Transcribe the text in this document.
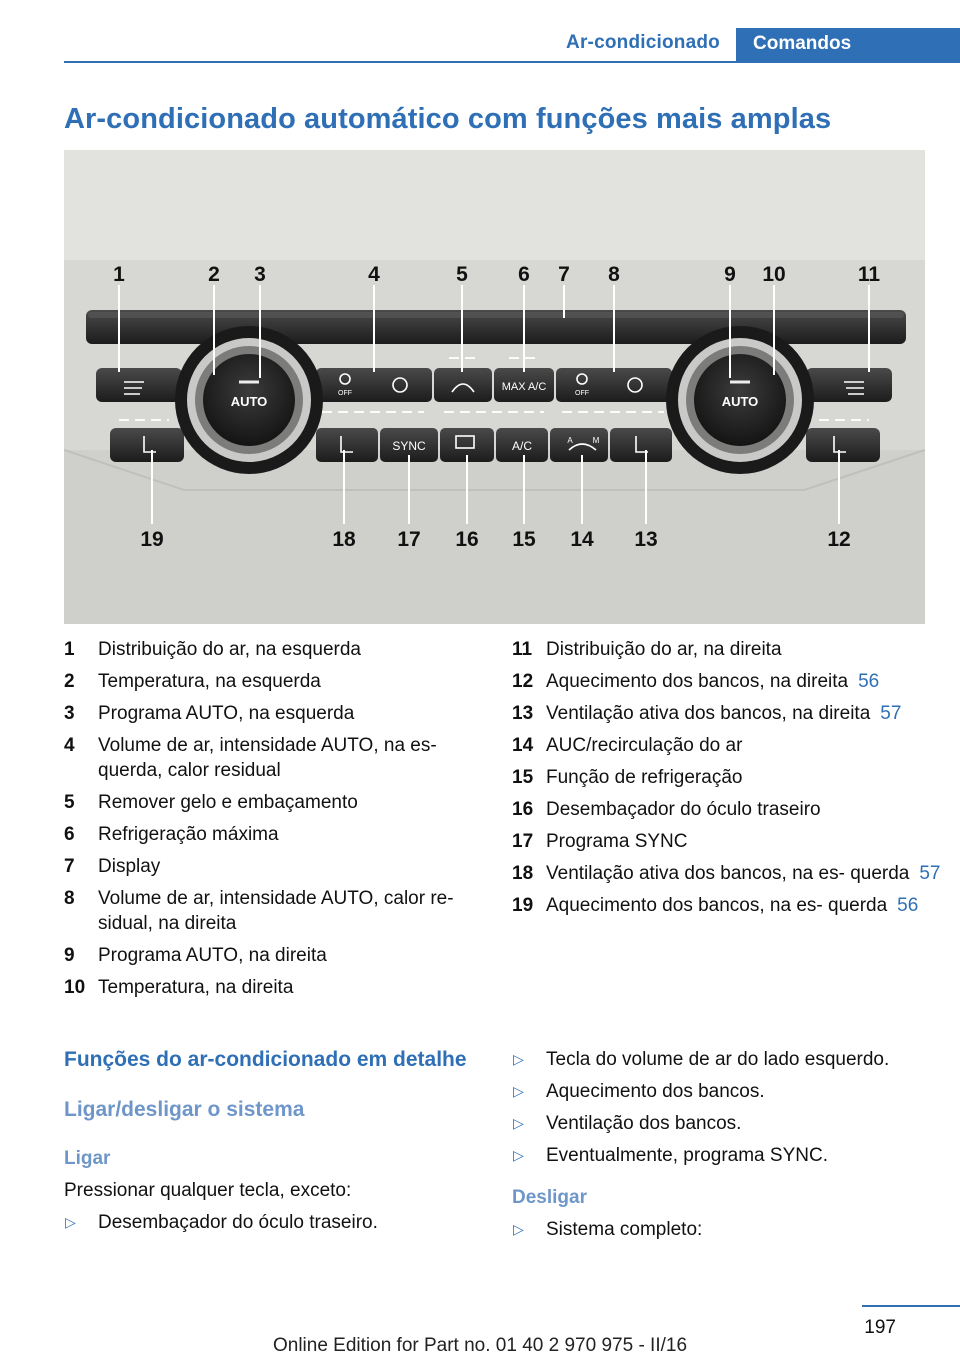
Ar-condicionado	Comandos
Ar-condicionado automático com funções mais amplas
AUTO	AUTO
OFF	OFF
MAX A/C
SYNC	A/C	A M
1	2 3	4	5 6 7 8	9 10	11
19	18 17 16 15 14 13	12
1	Distribuição do ar, na esquerda
2	Temperatura, na esquerda
3	Programa AUTO, na esquerda
4	Volume de ar, intensidade AUTO, na es‐ querda, calor residual
5	Remover gelo e embaçamento
6	Refrigeração máxima
7	Display
8	Volume de ar, intensidade AUTO, calor re‐ sidual, na direita
9	Programa AUTO, na direita
10 Temperatura, na direita
11 Distribuição do ar, na direita
12 Aquecimento dos bancos, na direita 56
13 Ventilação ativa dos bancos, na direita 57
14 AUC/recirculação do ar
15 Função de refrigeração
16 Desembaçador do óculo traseiro
17 Programa SYNC
18 Ventilação ativa dos bancos, na es‐ querda 57
19 Aquecimento dos bancos, na es‐ querda 56
Funções do ar-condicionado em detalhe
Ligar/desligar o sistema
Ligar
Pressionar qualquer tecla, exceto:
▷	Desembaçador do óculo traseiro.
▷	Tecla do volume de ar do lado esquerdo.
▷	Aquecimento dos bancos.
▷	Ventilação dos bancos.
▷	Eventualmente, programa SYNC.
Desligar
▷	Sistema completo:
197
Online Edition for Part no. 01 40 2 970 975 - II/16
